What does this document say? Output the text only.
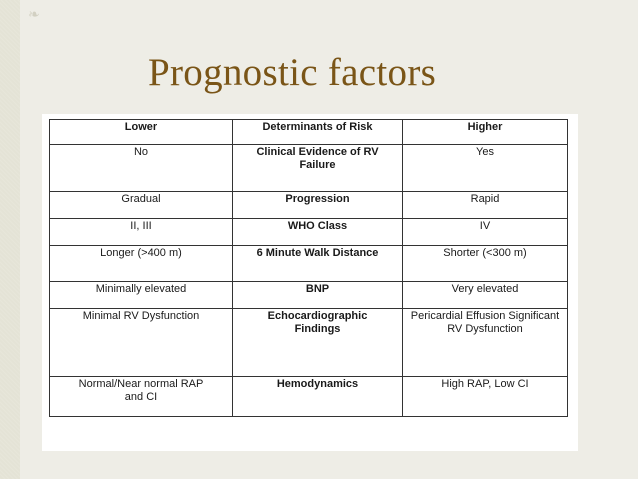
❧
Prognostic factors
Lower	Determinants of Risk	Higher
No	Clinical Evidence of RV Failure	Yes
Gradual	Progression	Rapid
II, III	WHO Class	IV
Longer (>400 m)	6 Minute Walk Distance	Shorter (<300 m)
Minimally elevated	BNP	Very elevated
Minimal RV Dysfunction	Echocardiographic Findings	Pericardial Effusion Significant RV Dysfunction

Normal/Near normal RAP and CI	Hemodynamics	High RAP, Low CI
